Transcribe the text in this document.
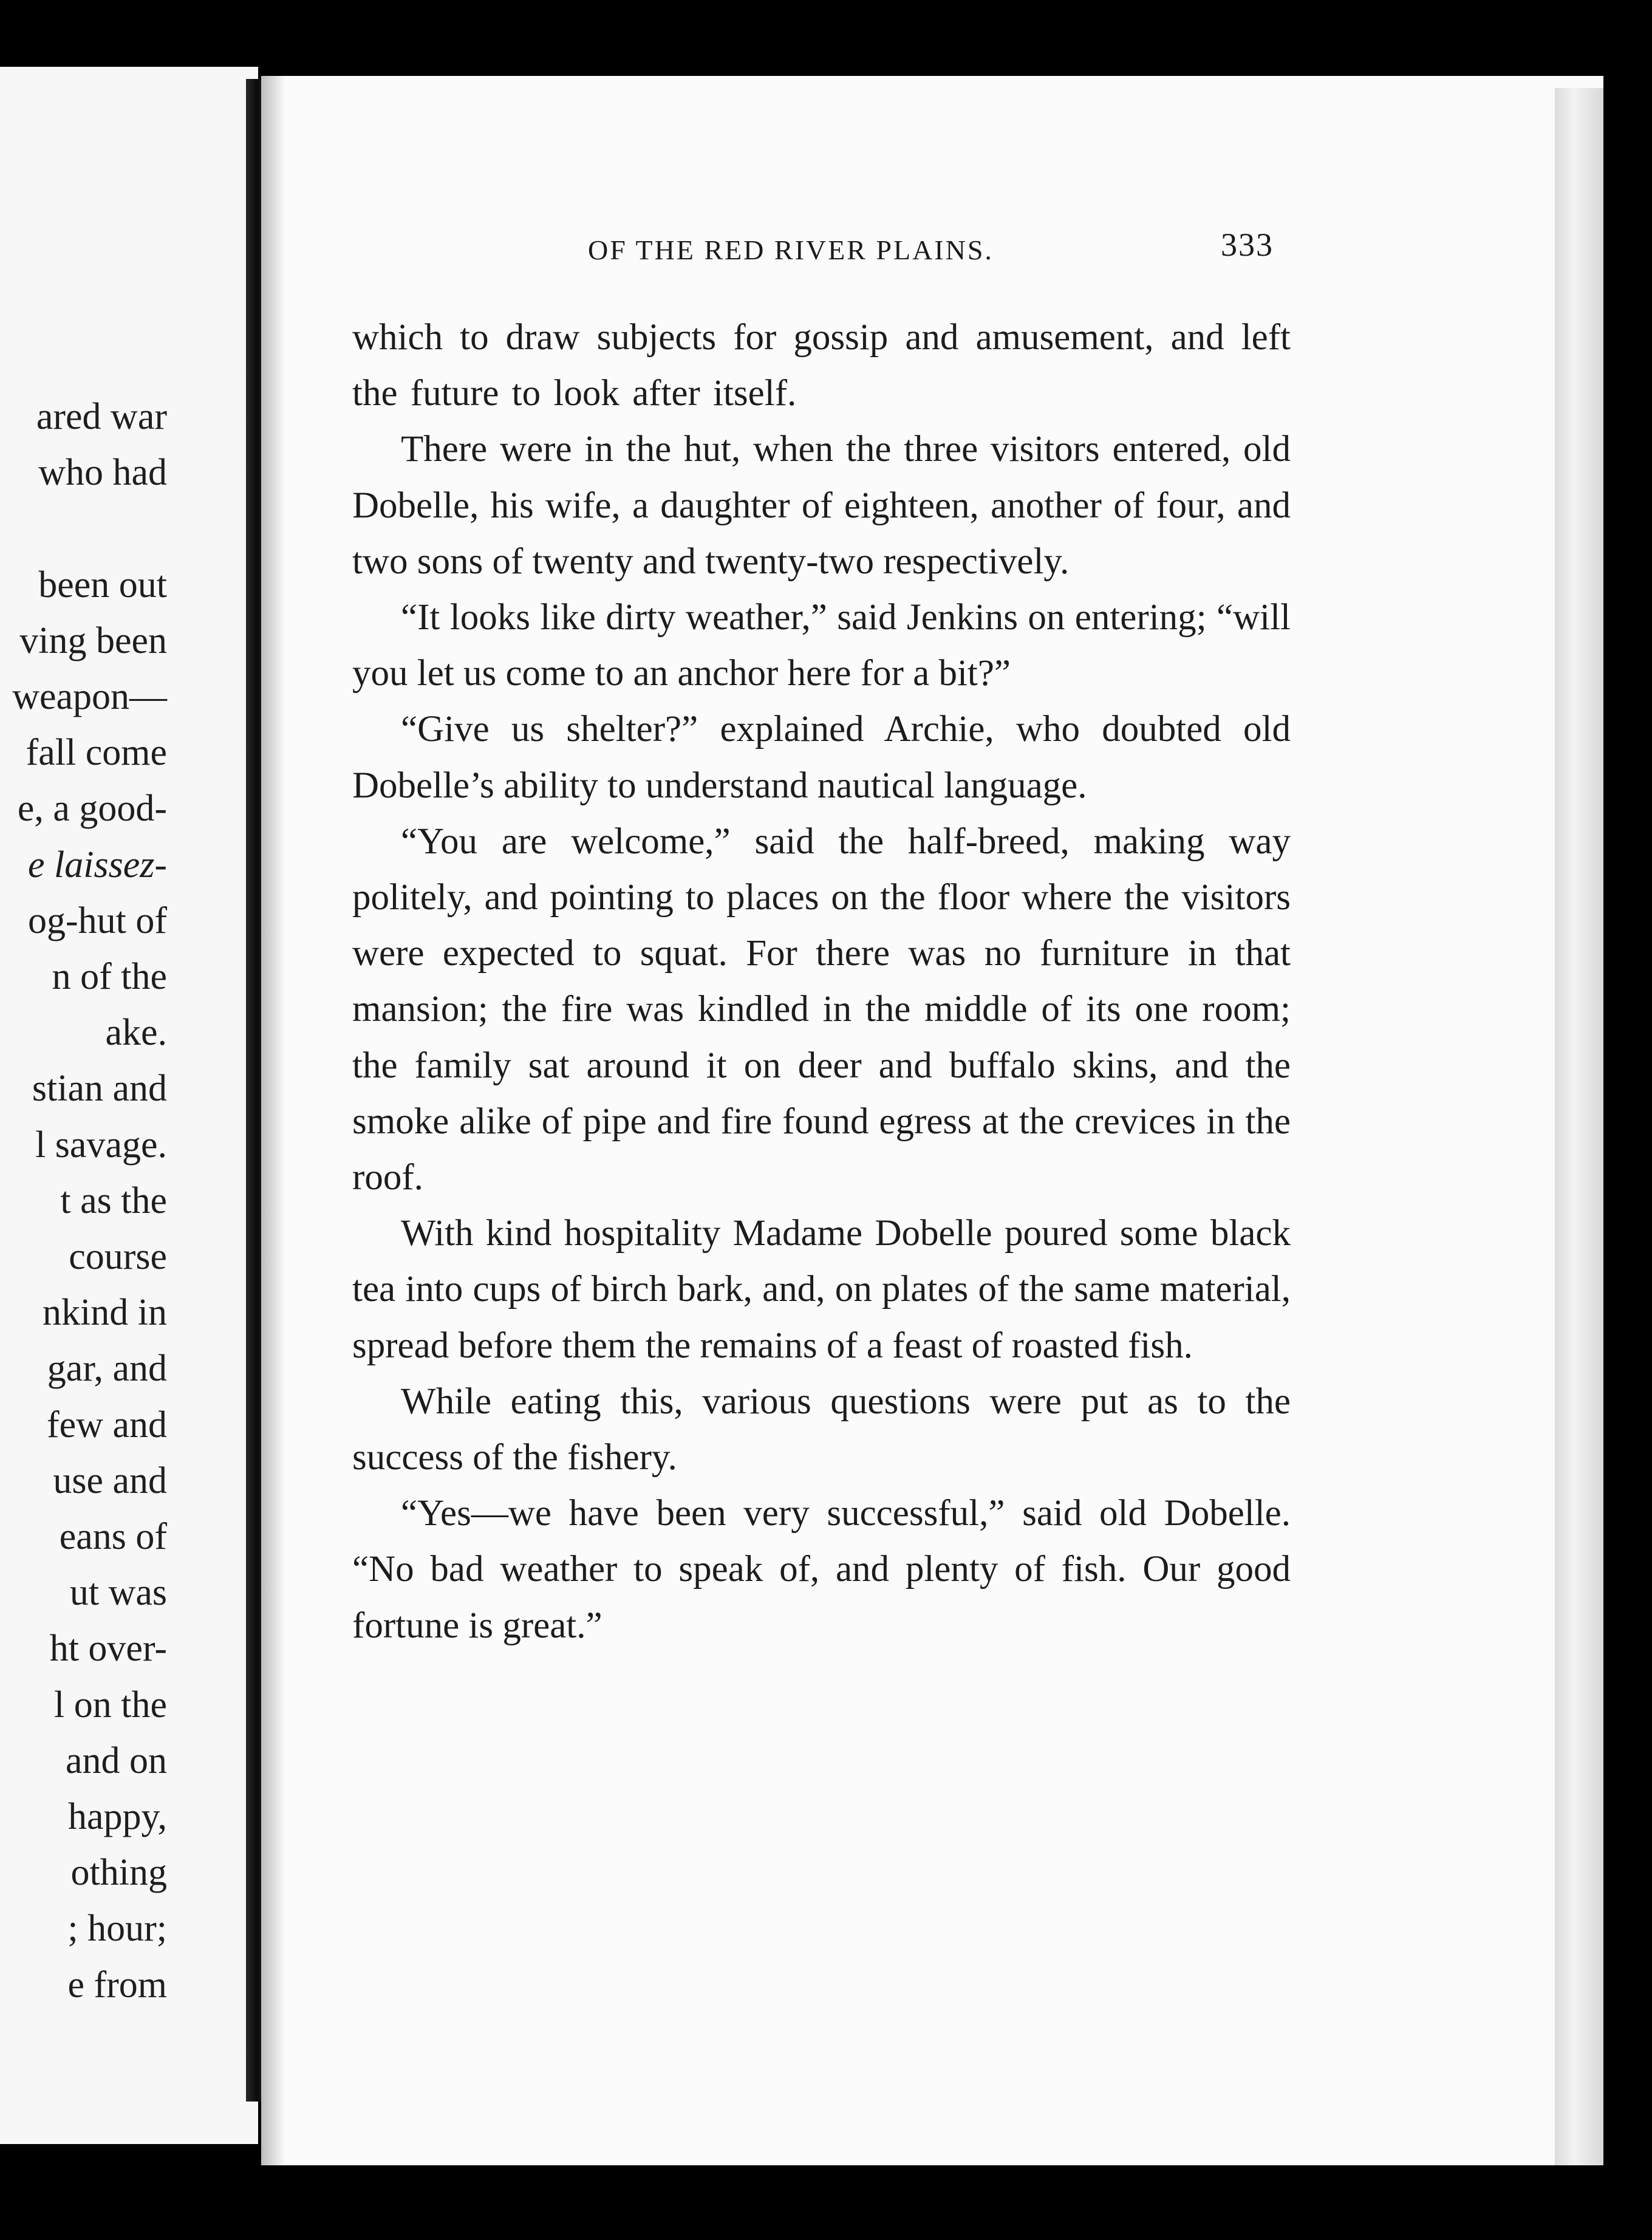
ared war
who had

been out
ving been
weapon—
fall come
e, a good-
e laissez-
og-hut of
n of the
ake.
stian and
l savage.
t as the
course
nkind in
gar, and
few and
use and
eans of
ut was
ht over-
l on the
and on
happy,
othing
; hour;
e from
OF THE RED RIVER PLAINS.	333

which to draw subjects for gossip and amusement, and left the future to look after itself.

There were in the hut, when the three visitors entered, old Dobelle, his wife, a daughter of eighteen, another of four, and two sons of twenty and twenty-two respectively.

“It looks like dirty weather,” said Jenkins on entering; “will you let us come to an anchor here for a bit?”

“Give us shelter?” explained Archie, who doubted old Dobelle’s ability to understand nautical language.

“You are welcome,” said the half-breed, making way politely, and pointing to places on the floor where the visitors were expected to squat. For there was no furniture in that mansion; the fire was kindled in the middle of its one room; the family sat around it on deer and buffalo skins, and the smoke alike of pipe and fire found egress at the crevices in the roof.

With kind hospitality Madame Dobelle poured some black tea into cups of birch bark, and, on plates of the same material, spread before them the remains of a feast of roasted fish.

While eating this, various questions were put as to the success of the fishery.

“Yes—we have been very successful,” said old Dobelle. “No bad weather to speak of, and plenty of fish. Our good fortune is great.”
